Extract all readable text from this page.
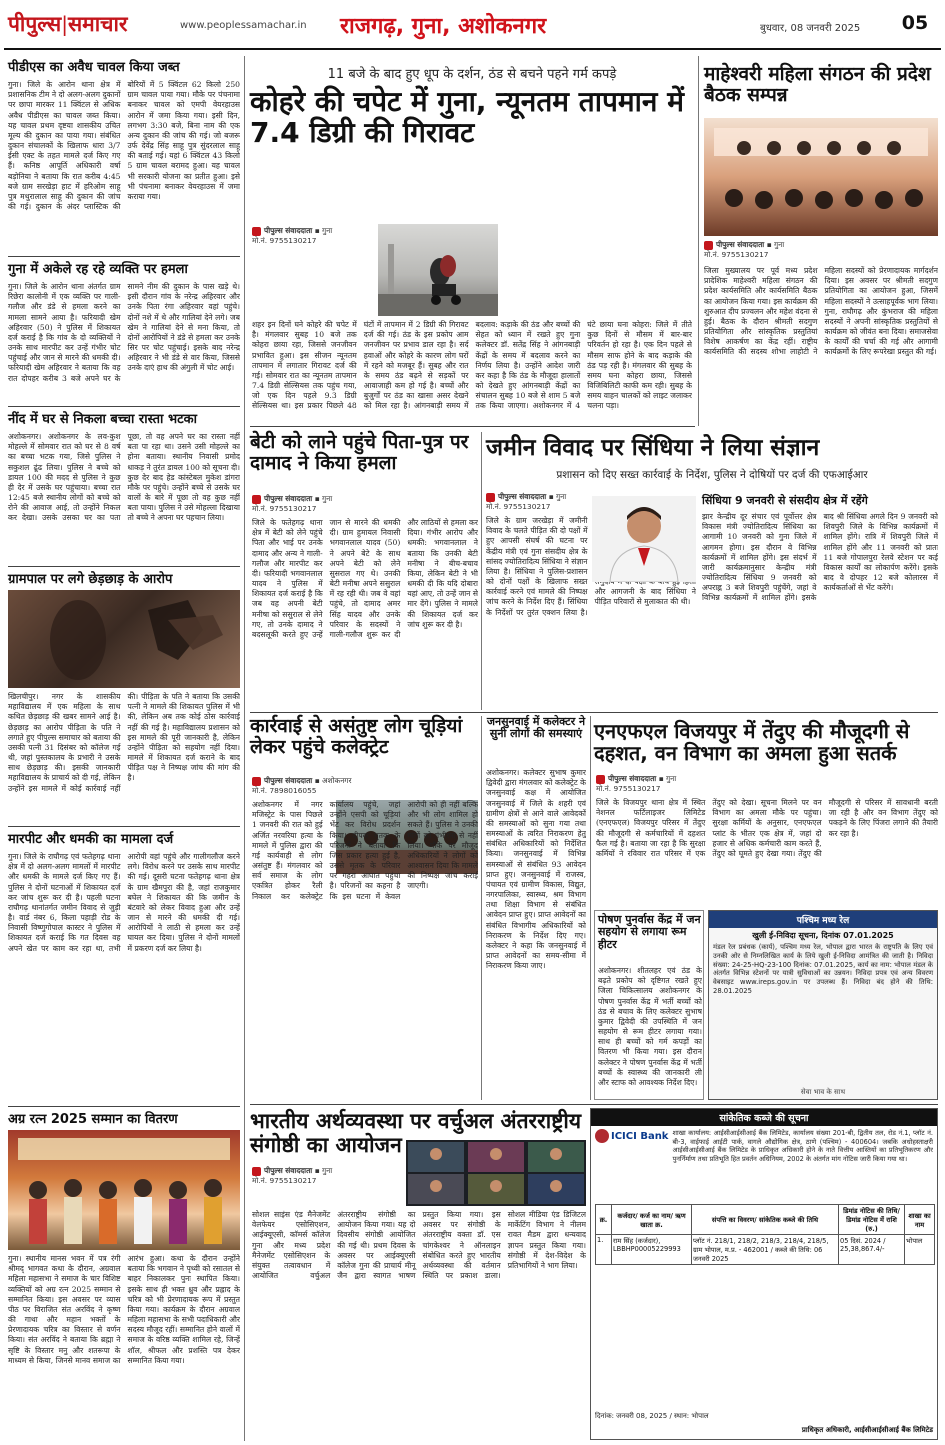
पीपुल्स|समाचार	www.peoplessamachar.in राजगढ़, गुना, अशोकनगर	बुधवार, 08 जनवरी 2025	05
पीडीएस का अवैध चावल किया जब्त
गुना। जिले के आरोन थाना क्षेत्र में प्रशासनिक टीम ने दो अलग-अलग दुकानों पर छापा मारकर 11 क्विंटल से अधिक अवैध पीडीएस का चावल जब्त किया। यह चावल प्रथम दृष्टया शासकीय उचित मूल्य की दुकान का पाया गया। संबंधित दुकान संचालकों के खिलाफ धारा 3/7 ईसी एक्ट के तहत मामले दर्ज किए गए हैं। कनिष्ठ आपूर्ति अधिकारी वर्षा बड़ोनिया ने बताया कि रात करीब 4:45 बजे ग्राम सरखेड़ा हाट में हरिओम साहू पुत्र मथुरालाल साहू की दुकान की जांच की गई। दुकान के अंदर प्लास्टिक की बोरियों में 5 क्विंटल 62 किलो 250 ग्राम चावल पाया गया। मौके पर पंचनामा बनाकर चावल को एमपी वेयरहाउस आरोन में जमा किया गया। इसी दिन, लगभग 3:30 बजे, बिना नाम की एक अन्य दुकान की जांच की गई। जो बजरू उर्फ देवेंद्र सिंह साहू पुत्र सुंदरलाल साहू की बताई गई। यहां 6 क्विंटल 43 किलो 5 ग्राम चावल बरामद हुआ। यह चावल भी सरकारी योजना का प्रतीत हुआ। इसे भी पंचनामा बनाकर वेयरहाउस में जमा कराया गया।
गुना में अकेले रह रहे व्यक्ति पर हमला
गुना। जिले के आरोन थाना अंतर्गत ग्राम रिछेरा कालोनी में एक व्यक्ति पर गाली-गलौज और डंडे से हमला करने का मामला सामने आया है। फरियादी खेम अहिरवार (50) ने पुलिस में शिकायत दर्ज कराई है कि गांव के दो व्यक्तियों ने उनके साथ मारपीट कर उन्हें गंभीर चोट पहुंचाई और जान से मारने की धमकी दी। फरियादी खेम अहिरवार ने बताया कि वह रात दोपहर करीब 3 बजे अपने घर के सामने नीम की दुकान के पास खड़े थे। इसी दौरान गांव के नरेन्द्र अहिरवार और उनके पिता रंगा अहिरवार वहां पहुंचे। दोनों नशे में थे और गालियां देने लगे। जब खेम ने गालियां देने से मना किया, तो दोनों आरोपियों ने डंडे से हमला कर उनके सिर पर चोट पहुंचाई। इसके बाद नरेन्द्र अहिरवार ने भी डंडे से वार किया, जिससे उनके दाएं हाथ की अंगुली में चोट आई।
नींद में घर से निकला बच्चा रास्ता भटका
अशोकनगर। अशोकनगर के लव-कुश मोहल्ले में सोमवार रात को घर से 8 वर्ष का बच्चा भटक गया, जिसे पुलिस ने सकुशल ढूंढ लिया। पुलिस ने बच्चे को डायल 100 की मदद से पुलिस ने कुछ ही देर में उसके घर पहुंचाया। बच्चा रात 12:45 बजे स्थानीय लोगों को बच्चे को रोने की आवाज आई, तो उन्होंने निकल कर देखा। उसके उसका घर का पता पूछा, तो वह अपने घर का रास्ता नहीं बता पा रहा था। उसने उसी मोहल्ले का होना बताया। स्थानीय निवासी प्रमोद धाकड़ ने तुरंत डायल 100 को सूचना दी। कुछ देर बाद हेड कांस्टेबल मुकेश डांगरा मौके पर पहुंचे। उन्होंने बच्चे से उसके घर वालों के बारे में पूछा तो वह कुछ नहीं बता पाया। पुलिस ने उसे मोहल्ला दिखाया तो बच्चे ने अपना घर पहचान लिया।
ग्रामपाल पर लगे छेड़छाड़ के आरोप
खिलचीपुर। नगर के शासकीय महाविद्यालय में एक महिला के साथ कथित छेड़छाड़ की खबर सामने आई है। छेड़छाड़ का आरोप पीड़िता के पति ने लगाते हुए पीपुल्स समाचार को बताया की उसकी पत्नी 31 दिसंबर को कॉलेज गई थी, जहां पुस्तकालय के प्रभारी ने उसके साथ छेड़छाड़ की। इसकी जानकारी महाविद्यालय के प्राचार्य को दी गई, लेकिन उन्होंने इस मामले में कोई कार्रवाई नहीं की। पीड़िता के पति ने बताया कि उसकी पत्नी ने मामले की शिकायत पुलिस में भी की, लेकिन अब तक कोई ठोस कार्रवाई नहीं की गई है। महाविद्यालय प्रशासन को इस मामले की पूरी जानकारी है, लेकिन उन्होंने पीड़िता को सहयोग नहीं दिया। मामले में शिकायत दर्ज कराने के बाद पीड़ित पक्ष ने निष्पक्ष जांच की मांग की है।
मारपीट और धमकी का मामला दर्ज
गुना। जिले के राघौगढ़ एवं फतेहगढ़ थाना क्षेत्र में दो अलग-अलग मामलों में मारपीट और धमकी के मामले दर्ज किए गए हैं। पुलिस ने दोनों घटनाओं में शिकायत दर्ज कर जांच शुरू कर दी है। पहली घटना राघौगढ़ थानांतर्गत जमीन विवाद से जुड़ी है। वार्ड नंबर 6, किला पहाड़ी रोड के निवासी विष्णुगोपाल कास्टर ने पुलिस में शिकायत दर्ज कराई कि गत दिवस वह अपने खेत पर काम कर रहा था, तभी आरोपी वहां पहुंचे और गालीगलौज करने लगे। विरोध करने पर उसके साथ मारपीट की गई। दूसरी घटना फतेहगढ़ थाना क्षेत्र के ग्राम खैमपुरा की है, जहां राजकुमार बघेल ने शिकायत की कि जमीन के बंटवारे को लेकर विवाद हुआ और उन्हें जान से मारने की धमकी दी गई। आरोपियों ने लाठी से हमला कर उन्हें घायल कर दिया। पुलिस ने दोनों मामलों में प्रकरण दर्ज कर लिया है।
अग्र रत्न 2025 सम्मान का वितरण
गुना। स्थानीय मानस भवन में पत्र रंगी श्रीमद्‍ भागवत कथा के दौरान, अग्रवाल महिला महासभा ने समाज के चार विशिष्ट व्यक्तियों को अग्र रत्न 2025 सम्मान से सम्मानित किया। इस अवसर पर व्यास पीठ पर विराजित संत अरविंद ने कृष्ण की गाथा और महान भक्तों के प्रेरणादायक चरित्र का विस्तार से वर्णन किया। संत अरविंद ने बताया कि ब्रह्मा ने सृष्टि के विस्तार मनु और शतरूपा के माध्यम से किया, जिनसे मानव समाज का आरंभ हुआ। कथा के दौरान उन्होंने बताया कि भगवान ने पृथ्वी को रसातल से बाहर निकालकर पुनः स्थापित किया। इसके साथ ही भक्त ध्रुव और प्रह्लाद के चरित्र को भी प्रेरणादायक रूप में प्रस्तुत किया गया। कार्यक्रम के दौरान अग्रवाल महिला महासभा के सभी पदाधिकारी और सदस्य मौजूद रहीं। सम्मानित होने वालों में समाज के वरिष्ठ व्यक्ति शामिल रहे, जिन्हें शॉल, श्रीफल और प्रशस्ति पत्र देकर सम्मानित किया गया।
11 बजे के बाद हुए धूप के दर्शन, ठंड से बचने पहने गर्म कपड़े
कोहरे की चपेट में गुना, न्यूनतम तापमान में 7.4 डिग्री की गिरावट
पीपुल्स संवाददाता ▪ गुना
मो.नं. 9755130217
शहर इन दिनों घने कोहरे की चपेट में है। मंगलवार सुबह 10 बजे तक कोहरा छाया रहा, जिससे जनजीवन प्रभावित हुआ। इस सीजन न्यूनतम तापमान में लगातार गिरावट दर्ज की गई। सोमवार रात का न्यूनतम तापमान 7.4 डिग्री सेल्सियस तक पहुंच गया, जो एक दिन पहले 9.3 डिग्री सेल्सियस था। इस प्रकार पिछले 48 घंटों में तापमान में 2 डिग्री की गिरावट दर्ज की गई। ठंड के इस प्रकोप आम जनजीवन पर प्रभाव डाल रहा है। सर्द हवाओं और कोहरे के कारण लोग घरों में रहने को मजबूर हैं। सुबह और रात के समय ठंड बढ़ने से सड़कों पर आवाजाही कम हो गई है। बच्चों और बुजुर्गों पर ठंड का खासा असर देखने को मिल रहा है। आंगनबाड़ी समय में बदलाव: कड़ाके की ठंड और बच्चों की सेहत को ध्यान में रखते हुए गुना कलेक्टर डॉ. सतेंद्र सिंह ने आंगनबाड़ी केंद्रों के समय में बदलाव करने का निर्णय लिया है। उन्होंने आदेश जारी कर कहा है कि ठंड के मौजूदा हालातों को देखते हुए आंगनबाड़ी केंद्रों का संचालन सुबह 10 बजे से शाम 5 बजे तक किया जाएगा। अशोकनगर में 4 घंटे छाया घना कोहरा: जिले में तीते कुछ दिनों से मौसम में बार-बार परिवर्तन हो रहा है। एक दिन पहले से मौसम साफ होने के बाद कड़ाके की ठंड पड़ रही है। मंगलवार की सुबह के समय घना कोहरा छाया, जिससे विजिबिलिटी काफी कम रही। सुबह के समय वाहन चालकों को लाइट जलाकर चलना पड़ा।
माहेश्वरी महिला संगठन की प्रदेश बैठक सम्पन्न
पीपुल्स संवाददाता ▪ गुना
मो.नं. 9755130217
जिला मुख्यालय पर पूर्व मध्य प्रदेश प्रादेशिक माहेश्वरी महिला संगठन की प्रदेश कार्यसमिति और कार्यसमिति बैठक का आयोजन किया गया। इस कार्यक्रम की शुरुआत दीप प्रज्वलन और महेश वंदना से हुई। बैठक के दौरान श्रीमती सदगुण प्रतियोगिता और सांस्कृतिक प्रस्तुतियां विशेष आकर्षण का केंद्र रहीं। राष्ट्रीय कार्यसमिति की सदस्य शोभा लाहोटी ने महिला सदस्यों को प्रेरणादायक मार्गदर्शन दिया। इस अवसर पर श्रीमती सदगुण प्रतियोगिता का आयोजन हुआ, जिसमें महिला सदस्यों ने उत्साहपूर्वक भाग लिया। गुना, राघौगढ़ और कुंभराज की महिला सदस्यों ने अपनी सांस्कृतिक प्रस्तुतियों से कार्यक्रम को जीवंत बना दिया। समाजसेवा के कार्यों की चर्चा की गई और आगामी कार्यक्रमों के लिए रूपरेखा प्रस्तुत की गई।
बेटी को लाने पहुंचे पिता-पुत्र पर दामाद ने किया हमला
पीपुल्स संवाददाता ▪ गुना
मो.नं. 9755130217
जिले के फतेहगढ़ थाना क्षेत्र में बेटी को लेने पहुंचे पिता और भाई पर उनके दामाद और अन्य ने गाली-गलौज और मारपीट कर दी। फरियादी भगवानलाल यादव ने पुलिस में शिकायत दर्ज कराई है कि जब वह अपनी बेटी मनीषा को ससुराल से लेने गए, तो उनके दामाद ने बदसलूकी करते हुए उन्हें जान से मारने की धमकी दी। ग्राम हुमायल निवासी भगवानलाल यादव (50) ने अपने बेटे के साथ अपने बेटी को लेने सुसराल गए थे। उनकी बेटी मनीषा अपने ससुराल में रह रही थी। जब वे वहां पहुंचे, तो दामाद अमर सिंह यादव और उनके परिवार के सदस्यों ने गाली-गलौज शुरू कर दी और लाठियों से हमला कर दिया। गंभीर आरोप और धमकी: भगवानलाल ने बताया कि उनकी बेटी मनीषा ने बीच-बचाव किया, लेकिन बेटी ने भी धमकी दी कि यदि दोबारा यहां आए, तो उन्हें जान से मार देंगे। पुलिस ने मामले की शिकायत दर्ज कर जांच शुरू कर दी है।
जमीन विवाद पर सिंधिया ने लिया संज्ञान
प्रशासन को दिए सख्त कार्रवाई के निर्देश, पुलिस ने दोषियों पर दर्ज की एफआईआर
पीपुल्स संवाददाता ▪ गुना
मो.नं. 9755130217
जिले के ग्राम जरखेड़ा में जमीनी विवाद के चलते पीड़ित की दो पक्षों में हुए आपसी संघर्ष की घटना पर केंद्रीय मंत्री एवं गुना संसदीय क्षेत्र के सांसद ज्योतिरादित्य सिंधिया ने संज्ञान लिया है। सिंधिया ने पुलिस-प्रशासन को दोनों पक्षों के खिलाफ सख्त कार्रवाई करने एवं मामले की निष्पक्ष जांच करने के निर्देश दिए हैं। सिंधिया के निर्देशों पर तुरंत एक्शन लिया है। और आगजनी के बाद सिंधिया ने पीड़ित परिवारों से मुलाकात की थी।
सिंधिया 9 जनवरी से संसदीय क्षेत्र में रहेंगे
झार केन्द्रीय दूर संचार एवं पूर्वोत्तर क्षेत्र विकास मंत्री ज्योतिरादित्य सिंधिया का आगामी 10 जनवरी को गुना जिले में आगमन होगा। इस दौरान वे विभिन्न कार्यक्रमों में शामिल होंगे। इस संदर्भ में जारी कार्यक्रमानुसार केन्द्रीय मंत्री ज्योतिरादित्य सिंधिया 9 जनवरी को अपराह्न 3 बजे शिवपुरी पहुंचेंगे, जहां वे विभिन्न कार्यक्रमों में शामिल होंगे। इसके बाद श्री सिंधिया अगले दिन 9 जनवरी को शिवपुरी जिले के विभिन्न कार्यक्रमों में शामिल होंगे। रात्रि में शिवपुरी जिले में शामिल होंगे और 11 जनवरी को प्रातः 11 बजे गोपालपुरा रेलवे स्टेशन पर कई विकास कार्यों का लोकार्पण करेंगे। इसके बाद वे दोपहर 12 बजे कोलारस में कार्यकर्ताओं से भेंट करेंगे।
कार्रवाई से असंतुष्ट लोग चूड़ियां लेकर पहुंचे कलेक्ट्रेट
पीपुल्स संवाददाता ▪ अशोकनगर
मो.नं. 7898016055
अशोकनगर में नगर मजिस्ट्रेट के पास पिछले 1 जनवरी की रात को हुई अर्जित नरवरिया हत्या के मामले में पुलिस द्वारा की गई कार्यवाही से लोग असंतुष्ट हैं। मंगलवार को सर्व समाज के लोग एकत्रित होकर रैली निकाल कर कलेक्ट्रेट कार्यालय पहुंचे, जहां उन्होंने एसपी को चूड़ियां भेंट कर विरोध प्रदर्शन किया। दीपक मृतक के परिजनों ने बताया कि जिस प्रकार हत्या हुई है, उससे मृतक के परिवार पर गहरा आघात पहुंचा है। परिजनों का कहना है कि इस घटना में केवल आरोपी को ही नहीं बल्कि और भी लोग शामिल हो सकते हैं। पुलिस ने उनकी मांगों को गंभीरता से नहीं लिया। मौके पर मौजूद अधिकारियों ने लोगों को आश्वासन दिया कि मामले की निष्पक्ष जांच कराई जाएगी।
जनसुनवाई में कलेक्टर ने सुनी लोगों की समस्याएं
अशोकनगर। कलेक्टर सुभाष कुमार द्विवेदी द्वारा मंगलवार को कलेक्ट्रेट के जनसुनवाई कक्ष में आयोजित जनसुनवाई में जिले के शहरी एवं ग्रामीण क्षेत्रों से आने वाले आवेदकों की समस्याओं को सुना गया तथा समस्याओं के त्वरित निराकरण हेतु संबंधित अधिकारियों को निर्देशित किया। जनसुनवाई में विभिन्न समस्याओं से संबंधित 93 आवेदन प्राप्त हुए। जनसुनवाई में राजस्व, पंचायत एवं ग्रामीण विकास, विद्युत, नगरपालिका, स्वास्थ्य, श्रम विभाग तथा शिक्षा विभाग से संबंधित आवेदन प्राप्त हुए। प्राप्त आवेदनों का संबंधित विभागीय अधिकारियों को निराकरण के निर्देश दिए गए। कलेक्टर ने कहा कि जनसुनवाई में प्राप्त आवेदनों का समय-सीमा में निराकरण किया जाए।
एनएफएल विजयपुर में तेंदुए की मौजूदगी से दहशत, वन विभाग का अमला हुआ सतर्क
पीपुल्स संवाददाता ▪ गुना
मो.नं. 9755130217
जिले के विजयपुर थाना क्षेत्र में स्थित नेशनल फर्टिलाइजर लिमिटेड (एनएफएल) विजयपुर परिसर में तेंदुए की मौजूदगी से कर्मचारियों में दहशत फैल गई है। बताया जा रहा है कि सुरक्षा कर्मियों ने रविवार रात परिसर में एक तेंदुए को देखा। सूचना मिलने पर वन विभाग का अमला मौके पर पहुंचा। सुरक्षा कर्मियों के अनुसार, एनएफएल प्लांट के भीतर एक क्षेत्र में, जहां दो हजार से अधिक कर्मचारी काम करते हैं, तेंदुए को घूमते हुए देखा गया। तेंदुए की मौजूदगी से परिसर में सावधानी बरती जा रही है और वन विभाग तेंदुए को पकड़ने के लिए पिंजरा लगाने की तैयारी कर रहा है।
पोषण पुनर्वास केंद्र में जन सहयोग से लगाया रूम हीटर
अशोकनगर। शीतलहर एवं ठंड के बढ़ते प्रकोप को दृष्टिगत रखते हुए जिला चिकित्सालय अशोकनगर के पोषण पुनर्वास केंद्र में भर्ती बच्चों को ठंड से बचाव के लिए कलेक्टर सुभाष कुमार द्विवेदी की उपस्थिति में जन सहयोग से रूम हीटर लगाया गया। साथ ही बच्चों को गर्म कपड़ों का वितरण भी किया गया। इस दौरान कलेक्टर ने पोषण पुनर्वास केंद्र में भर्ती बच्चों के स्वास्थ्य की जानकारी ली और स्टाफ को आवश्यक निर्देश दिए।
पश्चिम मध्य रेल
खुली ई-निविदा सूचना, दिनांक 07.01.2025
मंडल रेल प्रबंधक (कार्य), पश्चिम मध्य रेल, भोपाल द्वारा भारत के राष्ट्रपति के लिए एवं उनकी ओर से निम्नलिखित कार्य के लिये खुली ई-निविदा आमंत्रित की जाती है। निविदा संख्या: 24-25-HQ-23-100 दिनांक: 07.01.2025, कार्य का नाम: भोपाल मंडल के अंतर्गत विभिन्न स्टेशनों पर यात्री सुविधाओं का उन्नयन। निविदा प्रपत्र एवं अन्य विवरण वेबसाइट www.ireps.gov.in पर उपलब्ध हैं। निविदा बंद होने की तिथि: 28.01.2025
सेवा भाव के साथ
भारतीय अर्थव्यवस्था पर वर्चुअल अंतरराष्ट्रीय संगोष्ठी का आयोजन
पीपुल्स संवाददाता ▪ गुना
मो.नं. 9755130217
सोशल साइंस एंड मैनेजमेंट वेलफेयर एसोसिएशन, आईक्यूएसी, कॉमर्स कॉलेज गुना और मध्य प्रदेश मैनेजमेंट एसोसिएशन के संयुक्त तत्वावधान में आयोजित वर्चुअल अंतरराष्ट्रीय संगोष्ठी का आयोजन किया गया। यह दो दिवसीय संगोष्ठी आयोजित की गई थी। प्रथम दिवस के अवसर पर आईक्यूएसी कॉलेज गुना की प्राचार्य मीनू जैन द्वारा स्वागत भाषण प्रस्तुत किया गया। इस अवसर पर संगोष्ठी के अंतरराष्ट्रीय वक्ता डॉ. एस चांगकेश्वर ने ऑनलाइन संबोधित करते हुए भारतीय अर्थव्यवस्था की वर्तमान स्थिति पर प्रकाश डाला। सोशल मीडिया एंड डिजिटल मार्केटिंग विभाग ने नीलम रावत मैडम द्वारा धन्यवाद ज्ञापन प्रस्तुत किया गया। संगोष्ठी में देश-विदेश के प्रतिभागियों ने भाग लिया।
सांकेतिक कब्जे की सूचना
ICICI Bank शाखा कार्यालय: आईसीआईसीआई बैंक लिमिटेड, कार्यालय संख्या 201-बी, द्वितीय तल, रोड नं.1, प्लॉट नं. बी-3, वाईफाई आईटी पार्क, वागले औद्योगिक क्षेत्र, ठाणे (पश्चिम) - 400604। जबकि अधोहस्ताक्षरी आईसीआईसीआई बैंक लिमिटेड के प्राधिकृत अधिकारी होने के नाते वित्तीय आस्तियों का प्रतिभूतिकरण और पुनर्निर्माण तथा प्रतिभूति हित प्रवर्तन अधिनियम, 2002 के अंतर्गत मांग नोटिस जारी किया गया था।
क्र.	कर्जदार/ कर्ज का नाम/ ऋण खाता क्र.	संपत्ति का विवरण/ सांकेतिक कब्जे की तिथि	डिमांड नोटिस की तिथि/ डिमांड नोटिस में राशि (रु.)	शाखा का नाम
1.	राम सिंह (कर्जदार), LBBHP00005229993	प्लॉट नं. 218/1, 218/2, 218/3, 218/4, 218/5, ग्राम भोपाल, म.प्र. - 462001 / कब्जे की तिथि: 06 जनवरी 2025	05 दिसं. 2024 / 25,38,867.4/-	भोपाल
दिनांक: जनवरी 08, 2025 / स्थान: भोपाल
प्राधिकृत अधिकारी, आईसीआईसीआई बैंक लिमिटेड
